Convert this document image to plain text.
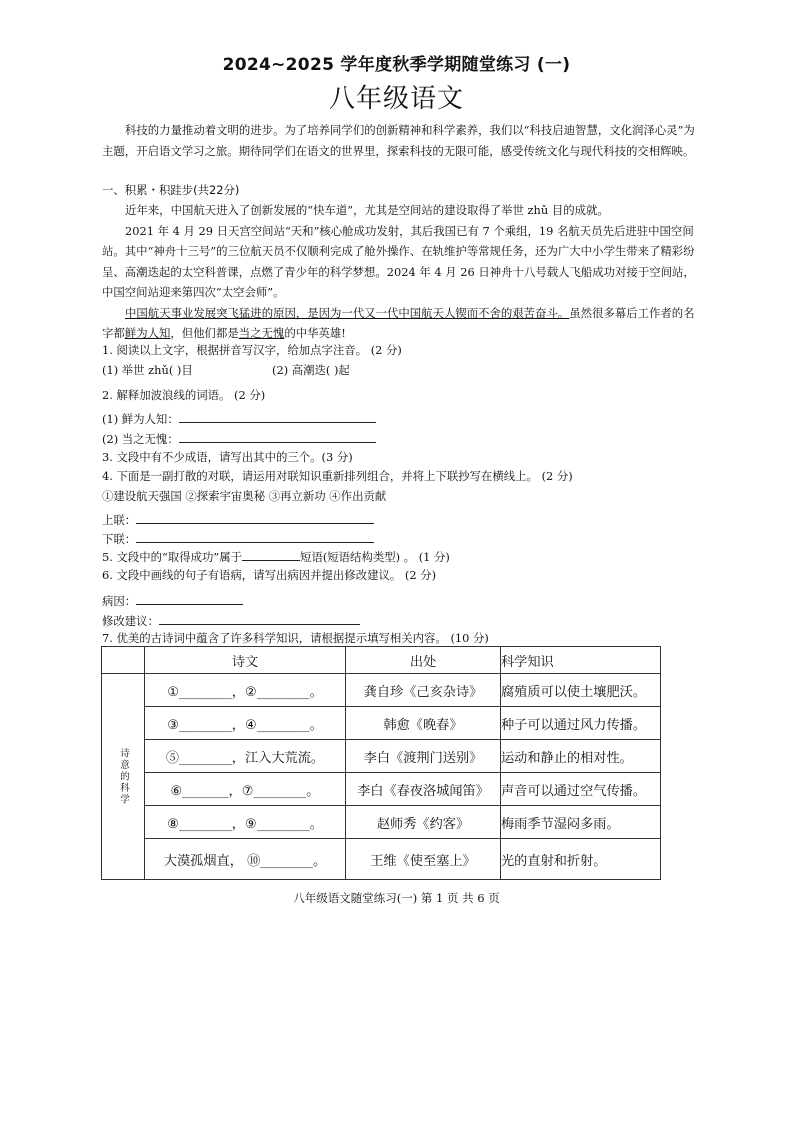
2024~2025 学年度秋季学期随堂练习 (一)
八年级语文

科技的力量推动着文明的进步。为了培养同学们的创新精神和科学素养，我们以“科技启迪智慧，文化润泽心灵”为主题，开启语文学习之旅。期待同学们在语文的世界里，探索科技的无限可能，感受传统文化与现代科技的交相辉映。

一、积累・积跬步(共22分)

近年来，中国航天进入了创新发展的“快车道”，尤其是空间站的建设取得了举世 zhǔ 目的成就。

2021 年 4 月 29 日天宫空间站“天和”核心舱成功发射，其后我国已有 7 个乘组，19 名航天员先后进驻中国空间站。其中“神舟十三号”的三位航天员不仅顺利完成了舱外操作、在轨维护等常规任务，还为广大中小学生带来了精彩纷呈、高潮迭起的太空科普课，点燃了青少年的科学梦想。2024 年 4 月 26 日神舟十八号载人飞船成功对接于空间站，中国空间站迎来第四次“太空会师”。

中国航天事业发展突飞猛进的原因，是因为一代又一代中国航天人锲而不舍的艰苦奋斗。虽然很多幕后工作者的名字都鲜为人知，但他们都是当之无愧的中华英雄!

1. 阅读以上文字，根据拼音写汉字，给加点字注音。 (2 分)
(1) 举世 zhǔ( )目	(2) 高潮迭( )起
2. 解释加波浪线的词语。 (2 分)
(1) 鲜为人知：
(2) 当之无愧：
3. 文段中有不少成语，请写出其中的三个。(3 分)
4. 下面是一副打散的对联，请运用对联知识重新排列组合，并将上下联抄写在横线上。 (2 分)
①建设航天强国 ②探索宇宙奥秘 ③再立新功 ④作出贡献
上联：
下联：
5. 文段中的“取得成功”属于	短语(短语结构类型) 。 (1 分)
6. 文段中画线的句子有语病，请写出病因并提出修改建议。 (2 分)
病因：
修改建议：
7. 优美的古诗词中蕴含了许多科学知识，请根据提示填写相关内容。 (10 分)
	诗文	出处	科学知识

诗意的科学	①________，②________。	龚自珍《己亥杂诗》	腐殖质可以使土壤肥沃。
	③________，④________。	韩愈《晚春》	种子可以通过风力传播。
	⑤________，江入大荒流。	李白《渡荆门送别》	运动和静止的相对性。
	⑥_______，⑦________。	李白《春夜洛城闻笛》	声音可以通过空气传播。
	⑧________，⑨________。	赵师秀《约客》	梅雨季节湿闷多雨。
	大漠孤烟直， ⑩________。	王维《使至塞上》	光的直射和折射。
八年级语文随堂练习(一) 第 1 页 共 6 页
